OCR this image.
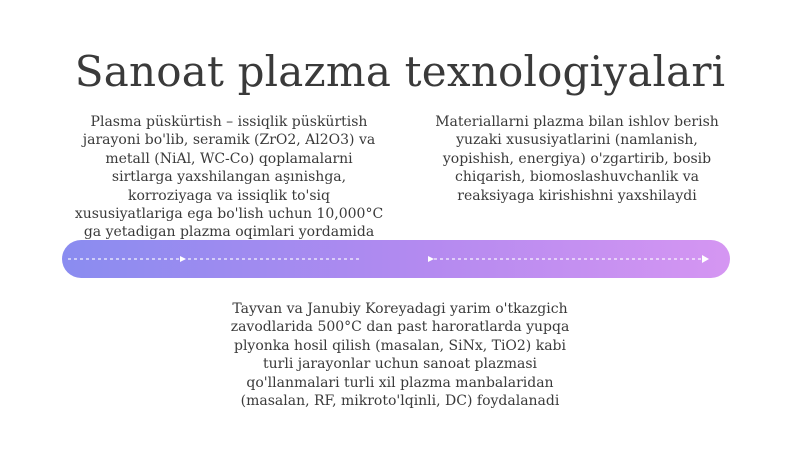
Sanoat plazma texnologiyalari
Plasma püskürtish – issiqlik püskürtish jarayoni bo'lib, seramik (ZrO2, Al2O3) va metall (NiAl, WC-Co) qoplamalarni sirtlarga yaxshilangan aşınishga, korroziyaga va issiqlik to'siq xususiyatlariga ega bo'lish uchun 10,000°C ga yetadigan plazma oqimlari yordamida
Materiallarni plazma bilan ishlov berish yuzaki xususiyatlarini (namlanish, yopishish, energiya) o'zgartirib, bosib chiqarish, biomoslashuvchanlik va reaksiyaga kirishishni yaxshilaydi
Tayvan va Janubiy Koreyadagi yarim o'tkazgich zavodlarida 500°C dan past haroratlarda yupqa plyonka hosil qilish (masalan, SiNx, TiO2) kabi turli jarayonlar uchun sanoat plazmasi qo'llanmalari turli xil plazma manbalaridan (masalan, RF, mikroto'lqinli, DC) foydalanadi
